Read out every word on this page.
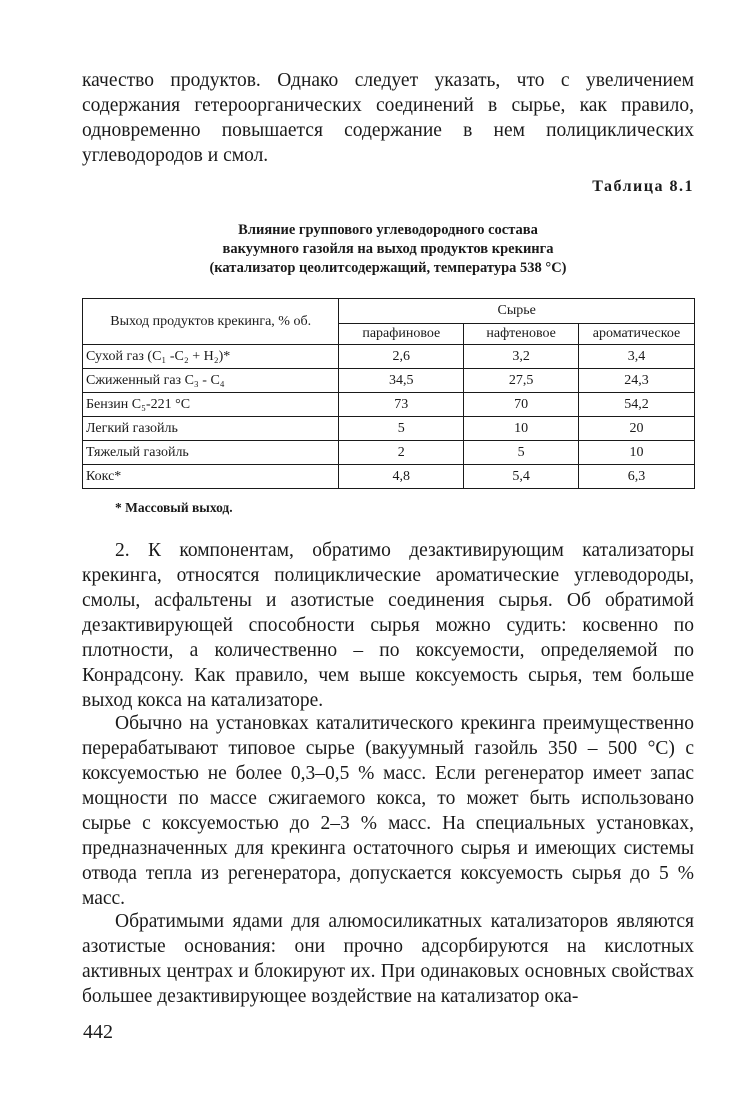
качество продуктов. Однако следует указать, что с увеличением содержания гетероорганических соединений в сырье, как правило, одновременно повышается содержание в нем полициклических углеводородов и смол.

Таблица 8.1
Влияние группового углеводородного состава
вакуумного газойля на выход продуктов крекинга
(катализатор цеолитсодержащий, температура 538 °С)
Выход продуктов крекинга, % об.	Сырье		
	парафиновое	нафтеновое	ароматическое
Сухой газ (С₁ -С₂ + Н₂)*	2,6	3,2	3,4
Сжиженный газ С₃ - С₄	34,5	27,5	24,3
Бензин С₅-221 °С	73	70	54,2
Легкий газойль	5	10	20
Тяжелый газойль	2	5	10
Кокс*	4,8	5,4	6,3
* Массовый выход.

2. К компонентам, обратимо дезактивирующим катализаторы крекинга, относятся полициклические ароматические углеводороды, смолы, асфальтены и азотистые соединения сырья. Об обратимой дезактивирующей способности сырья можно судить: косвенно по плотности, а количественно – по коксуемости, определяемой по Конрадсону. Как правило, чем выше коксуемость сырья, тем больше выход кокса на катализаторе.

Обычно на установках каталитического крекинга преимущественно перерабатывают типовое сырье (вакуумный газойль 350 – 500 °С) с коксуемостью не более 0,3–0,5 % масс. Если регенератор имеет запас мощности по массе сжигаемого кокса, то может быть использовано сырье с коксуемостью до 2–3 % масс. На специальных установках, предназначенных для крекинга остаточного сырья и имеющих системы отвода тепла из регенератора, допускается коксуемость сырья до 5 % масс.

Обратимыми ядами для алюмосиликатных катализаторов являются азотистые основания: они прочно адсорбируются на кислотных активных центрах и блокируют их. При одинаковых основных свойствах большее дезактивирующее воздействие на катализатор ока-

442
